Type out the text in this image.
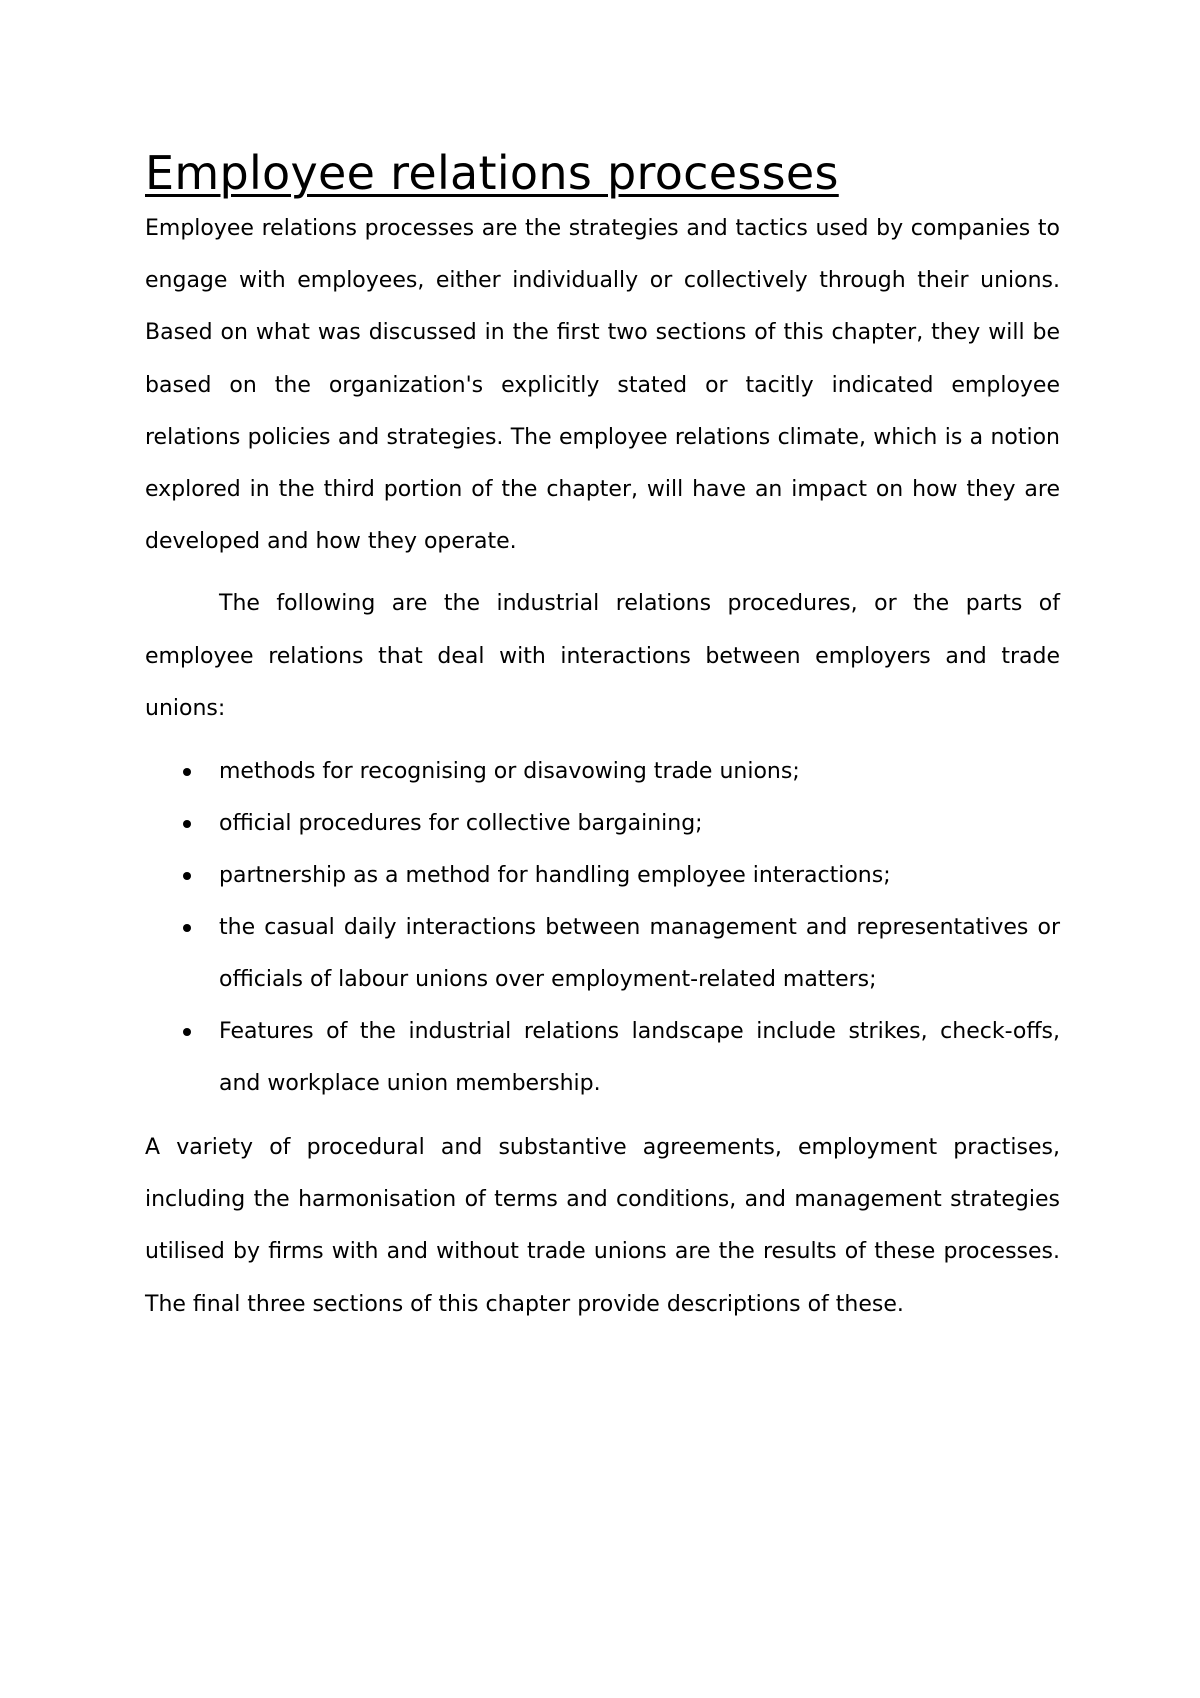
Employee relations processes

Employee relations processes are the strategies and tactics used by companies to engage with employees, either individually or collectively through their unions. Based on what was discussed in the first two sections of this chapter, they will be based on the organization's explicitly stated or tacitly indicated employee relations policies and strategies. The employee relations climate, which is a notion explored in the third portion of the chapter, will have an impact on how they are developed and how they operate.

The following are the industrial relations procedures, or the parts of employee relations that deal with interactions between employers and trade unions:

methods for recognising or disavowing trade unions;
official procedures for collective bargaining;
partnership as a method for handling employee interactions;
the casual daily interactions between management and representatives or officials of labour unions over employment-related matters;
Features of the industrial relations landscape include strikes, check-offs, and workplace union membership.

A variety of procedural and substantive agreements, employment practises, including the harmonisation of terms and conditions, and management strategies utilised by firms with and without trade unions are the results of these processes. The final three sections of this chapter provide descriptions of these.
